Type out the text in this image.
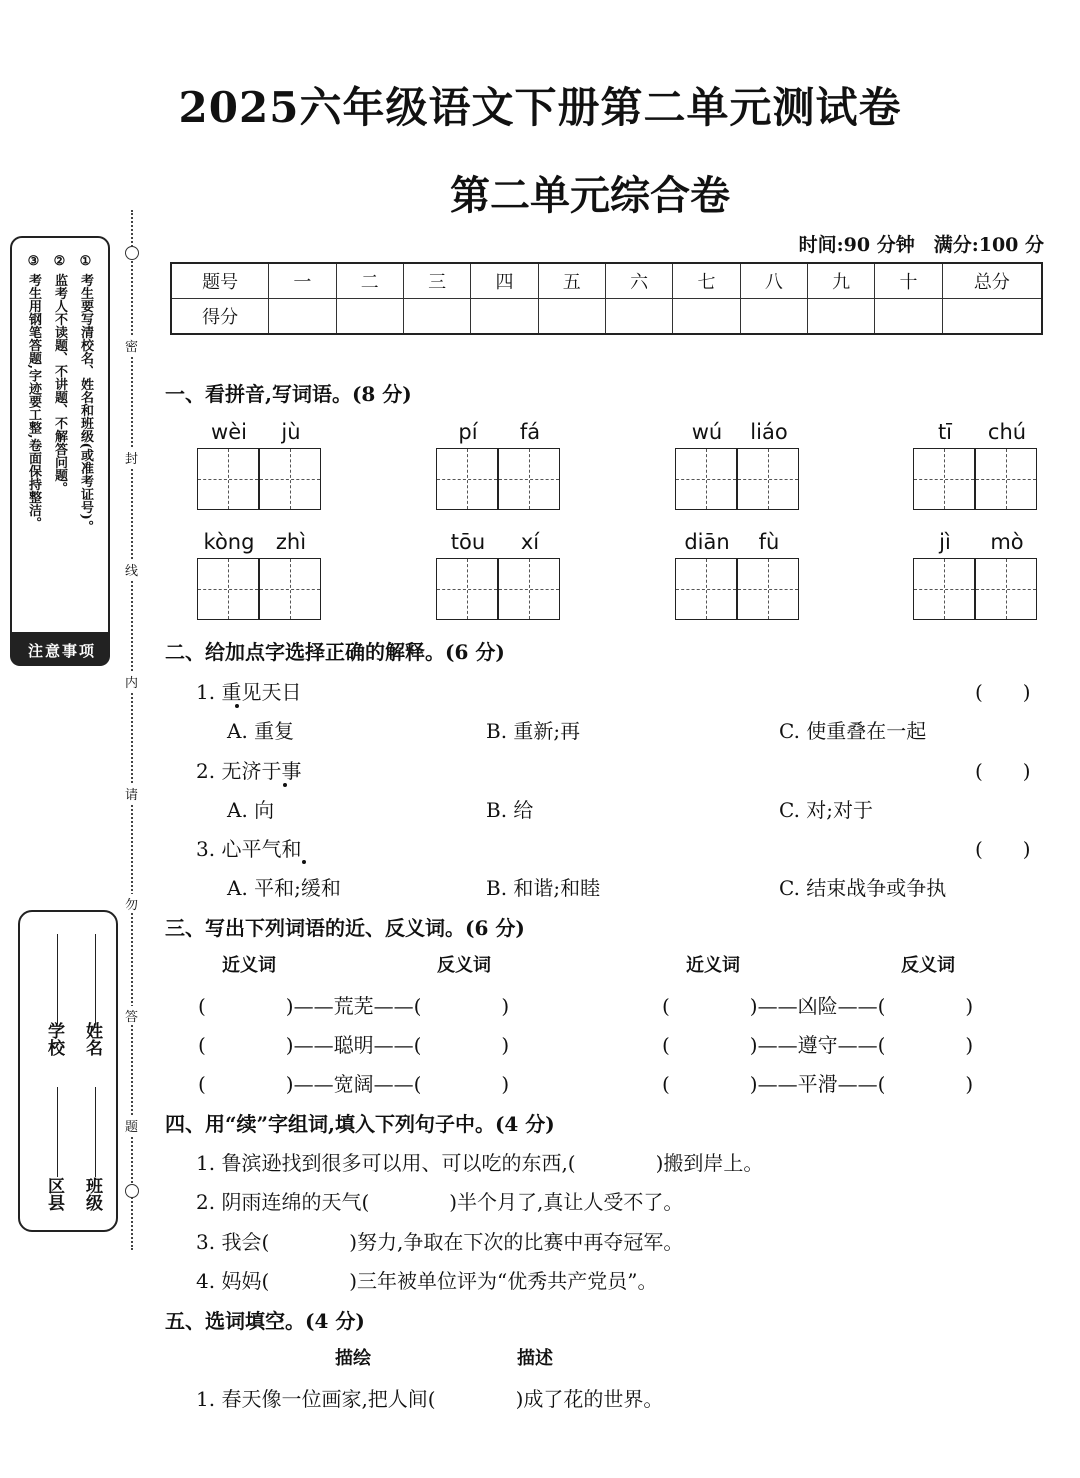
2025六年级语文下册第二单元测试卷
第二单元综合卷
时间:90 分钟　满分:100 分
题号	一	二	三	四	五	六	七	八	九	十	总分
得分											
一、看拼音,写词语。(8 分)
wèi	jù	pí	fá	wú	liáo	tī	chú
kòng	zhì	tōu	xí	diān	fù	jì	mò
二、给加点字选择正确的解释。(6 分)
1. 重见天日	(　　)
A. 重复	B. 重新;再	C. 使重叠在一起
2. 无济于事	(　　)
A. 向	B. 给	C. 对;对于
3. 心平气和	(　　)
A. 平和;缓和	B. 和谐;和睦	C. 结束战争或争执
三、写出下列词语的近、反义词。(6 分)
近义词	反义词	近义词	反义词
(　　　　)——荒芜——(　　　　)
(　　　　)——聪明——(　　　　)
(　　　　)——宽阔——(　　　　)
(　　　　)——凶险——(　　　　)
(　　　　)——遵守——(　　　　)
(　　　　)——平滑——(　　　　)
四、用“续”字组词,填入下列句子中。(4 分)
1. 鲁滨逊找到很多可以用、可以吃的东西,(　　　　)搬到岸上。
2. 阴雨连绵的天气(　　　　)半个月了,真让人受不了。
3. 我会(　　　　)努力,争取在下次的比赛中再夺冠军。
4. 妈妈(　　　　)三年被单位评为“优秀共产党员”。
五、选词填空。(4 分)
描绘	描述
1. 春天像一位画家,把人间(　　　　)成了花的世界。
① 考生要写清校名、姓名和班级(或准考证号)。
② 监考人不读题、不讲题、不解答问题。
③ 考生用钢笔答题,字迹要工整,卷面保持整洁。
注意事项
学校 姓名
区县 班级
密
封
线
内
请
勿
答
题
